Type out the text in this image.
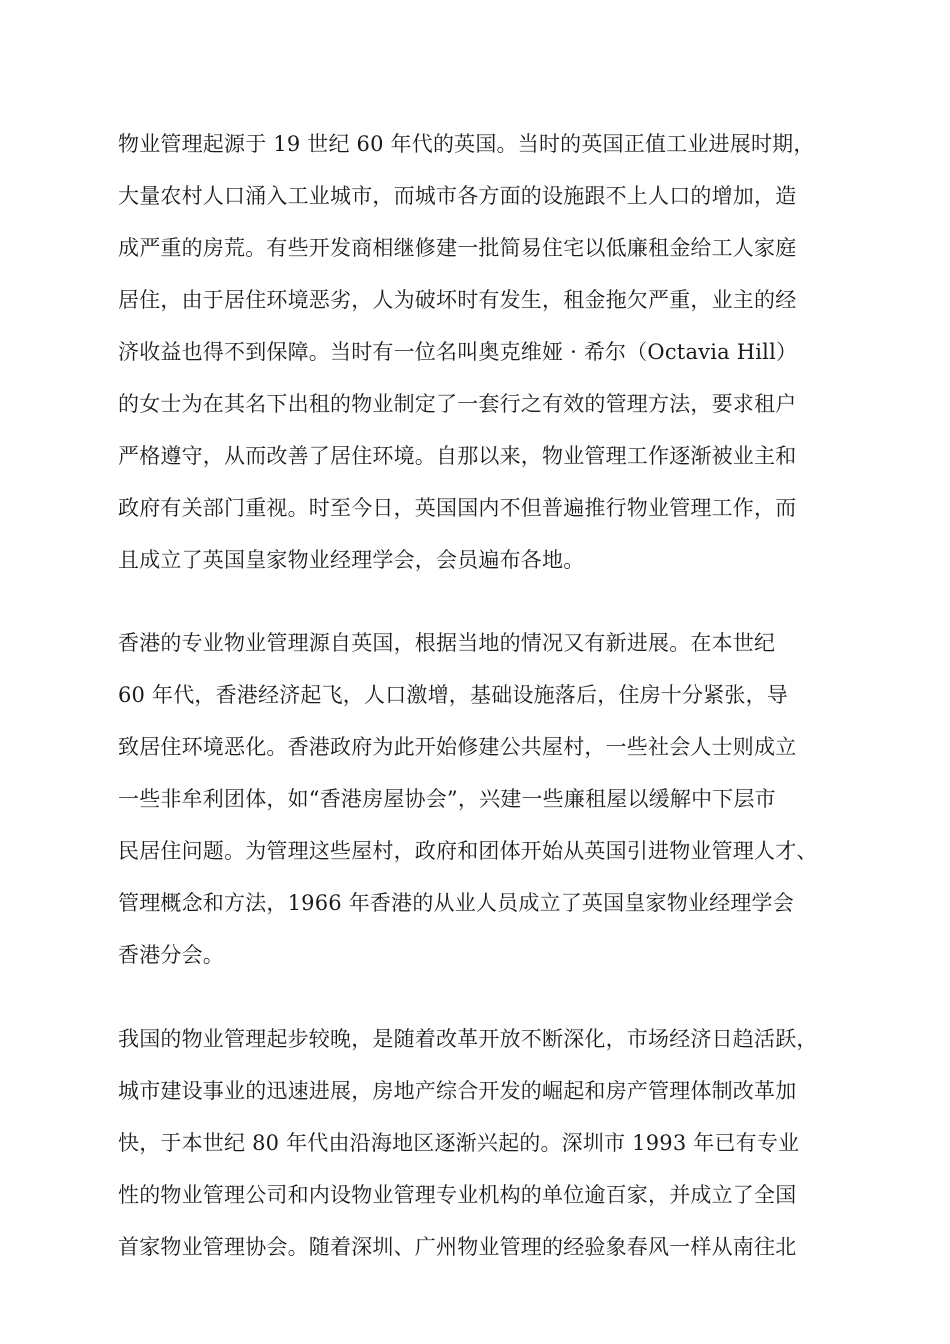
物业管理起源于 19 世纪 60 年代的英国。当时的英国正值工业进展时期，
大量农村人口涌入工业城市，而城市各方面的设施跟不上人口的增加，造
成严重的房荒。有些开发商相继修建一批简易住宅以低廉租金给工人家庭
居住，由于居住环境恶劣，人为破坏时有发生，租金拖欠严重，业主的经
济收益也得不到保障。当时有一位名叫奥克维娅 · 希尔（Octavia Hill）
的女士为在其名下出租的物业制定了一套行之有效的管理方法，要求租户
严格遵守，从而改善了居住环境。自那以来，物业管理工作逐渐被业主和
政府有关部门重视。时至今日，英国国内不但普遍推行物业管理工作，而
且成立了英国皇家物业经理学会，会员遍布各地。
香港的专业物业管理源自英国，根据当地的情况又有新进展。在本世纪
60 年代，香港经济起飞，人口激增，基础设施落后，住房十分紧张，导
致居住环境恶化。香港政府为此开始修建公共屋村，一些社会人士则成立
一些非牟利团体，如“香港房屋协会”，兴建一些廉租屋以缓解中下层市
民居住问题。为管理这些屋村，政府和团体开始从英国引进物业管理人才、
管理概念和方法，1966 年香港的从业人员成立了英国皇家物业经理学会
香港分会。
我国的物业管理起步较晚，是随着改革开放不断深化，市场经济日趋活跃，
城市建设事业的迅速进展，房地产综合开发的崛起和房产管理体制改革加
快，于本世纪 80 年代由沿海地区逐渐兴起的。深圳市 1993 年已有专业
性的物业管理公司和内设物业管理专业机构的单位逾百家，并成立了全国
首家物业管理协会。随着深圳、广州物业管理的经验象春风一样从南往北
